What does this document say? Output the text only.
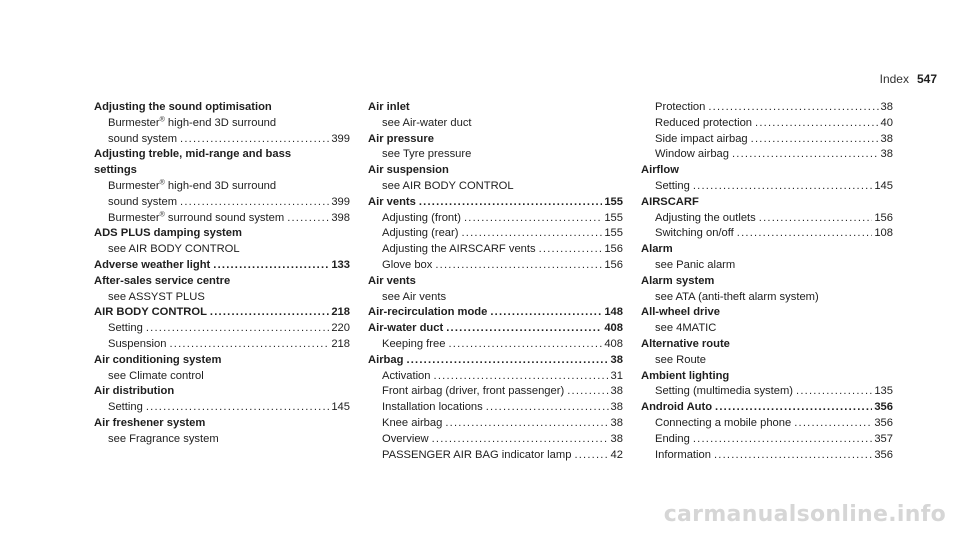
Index 547
Adjusting the sound optimisation
Burmester® high-end 3D surround
sound system .....	399
Adjusting treble, mid-range and bass
settings
Burmester® high-end 3D surround
sound system .....	399
Burmester® surround sound system .....	398
ADS PLUS damping system
see AIR BODY CONTROL
Adverse weather light .....	133
After-sales service centre
see ASSYST PLUS
AIR BODY CONTROL .....	218
Setting .....	220
Suspension .....	218
Air conditioning system
see Climate control
Air distribution
Setting .....	145
Air freshener system
see Fragrance system
Air inlet
see Air-water duct
Air pressure
see Tyre pressure
Air suspension
see AIR BODY CONTROL
Air vents .....	155
Adjusting (front) .....	155
Adjusting (rear) .....	155
Adjusting the AIRSCARF vents .....	156
Glove box .....	156
Air vents
see Air vents
Air-recirculation mode .....	148
Air-water duct .....	408
Keeping free .....	408
Airbag .....	38
Activation .....	31
Front airbag (driver, front passenger) .....	38
Installation locations .....	38
Knee airbag .....	38
Overview .....	38
PASSENGER AIR BAG indicator lamp .....	42
Protection .....	38
Reduced protection .....	40
Side impact airbag .....	38
Window airbag .....	38
Airflow
Setting .....	145
AIRSCARF
Adjusting the outlets .....	156
Switching on/off .....	108
Alarm
see Panic alarm
Alarm system
see ATA (anti-theft alarm system)
All-wheel drive
see 4MATIC
Alternative route
see Route
Ambient lighting
Setting (multimedia system) .....	135
Android Auto .....	356
Connecting a mobile phone .....	356
Ending .....	357
Information .....	356
carmanualsonline.info
